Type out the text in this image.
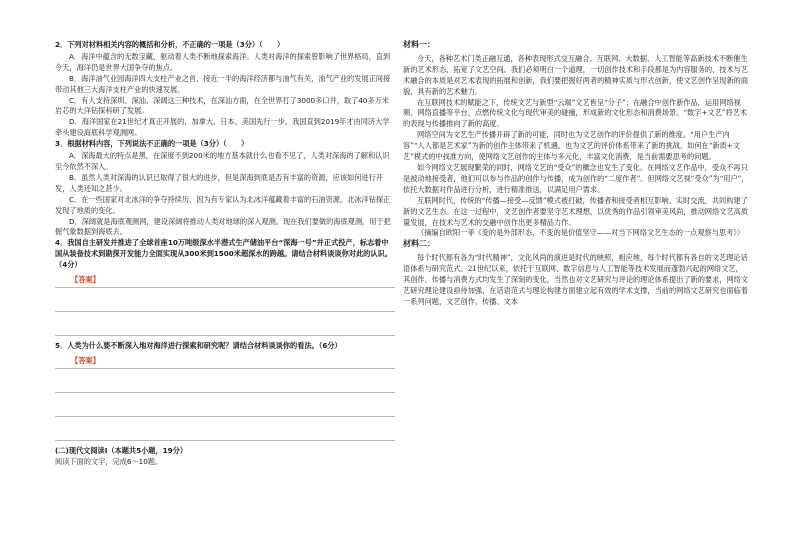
2．下列对材料相关内容的概括和分析，不正确的一项是（3分）（　　）

A．海洋中蕴含的无数宝藏，驱动着人类不断地探索海洋。人类对海洋的探索曾影响了世界格局，直到今天，海洋仍是世界大国争夺的焦点。

B．海洋油气业园海洋四大支柱产业之首，接近一半的海洋经济都与油气有关，油气产业的发展正间接带动其他三大海洋支柱产业的快速发展。

C．有人支持深圳、深汕、深阔这三种技术，在深汕方面，在全世界打了3000多口井，取了40多万米岩芯的大洋钻探科研了发展。

D．海洋国家在21世纪才真正开展的，加拿大、日本、美国先行一步，我国直到2019年才由同济大学牵头建设海底科学观测网。

3．根据材料内容，下列说法不正确的一项是（3分）（　　）

A．深海最大的特点是黑，在深度不到200米的地方基本就什么也看不见了，人类对深海的了解和认识至今依然不深入。

B．虽然人类对深海的认识已取得了很大的进步，但是深海到底是否有丰富的资源，应该如何进行开发，人类还知之甚少。

C．在一些国家对北冰洋的争夺持续历，因为有专家认为北冰洋蕴藏着丰富的石油资源。北冰洋钻探正发现了地质的变化。

D．深阔就是海底观测网，建设深阔将推动人类对地球的深入观测。现在我们要做的海底观测，用于把握气象数据到海底去。

4．我国自主研发并推进了全球首座10万吨级深水半潜式生产储油平台“深海一号”并正式投产，标志着中国从装备技术到勘探开发能力全面实现从300米到1500米超深水的跨越。请结合材料谈谈你对此的认识。（4分）

【答案】

5．人类为什么要不断深入地对海洋进行探索和研究呢？请结合材料谈谈你的看法。（6分）

【答案】

(二)现代文阅读Ⅰ（本题共5小题，19分）

阅读下面的文字，完成6～10题。

材料一：

今天，各种艺术门类正融互通，各种表现形式交互融合。互联网、大数据、人工智能等高新技术不断催生新的艺术形态，拓宽了文艺空间。我们必须明白一个道理，一切创作技术和手段都是为内容服务的，技术与艺术融合的本质是对艺术表现的拓展和创新，我们要把握好两者的精神实质与形式创新，使文艺创作呈现新的面貌、具有新的艺术魅力。

在互联网技术的赋能之下，传统文艺与新型“云端”文艺皆呈“分子”；在融合中创作新作品，运用网络视频、网络直播等平台，点燃传统文化与现代审美的碰撞，形成新的文化形态和消费场景。“数字+文艺”将艺术的表现与传播推向了新的高度。

网络空间为文艺生产传播开辟了新的可能，同时也为文艺创作的评价提供了新的维度。“用户生产内容”“人人都是艺术家”为新的创作主体带来了机遇，也为文艺的评价体系带来了新的挑战。如何在“新质+文艺”模式的中找准方向，使网络文艺创作的主体与多元化，丰富文化消费，是当前需要思考的问题。

如今网络文艺展现繁荣的同时，网络文艺的“受众”的概念也发生了变化。在网络文艺作品中，受众不再只是被动地接受者，他们可以参与作品的创作与传播，成为创作的“二度作者”。但网络文艺视“受众”为“用户”，依托大数据对作品进行分析，进行精准推送，以满足用户需求。

互联网时代，传统的“传播—接受—反馈”模式被打破，传播者和接受者相互影响、实时交流，共同构建了新的文艺生态。在这一过程中，文艺创作者要坚守艺术理想，以优秀的作品引领审美风尚，推动网络文艺高质量发展，在技术与艺术的交融中创作出更多精品力作。

（摘编自欧阳一菲《变的是外部形态，不变的是价值坚守——对当下网络文艺生态的一点观察与思考》）

材料二：

每个时代都有各为“时代精神”，文化风尚的演进是时代的映照，相应地，每个时代都有各自的文艺理论话语体系与研究范式。21世纪以来，依托于互联网、数字信息与人工智能等技术发展而蓬勃兴起的网络文艺，其创作、传播与消费方式均发生了深刻的变化，当然也对文艺研究与评论的理论体系提出了新的要求，网络文艺研究理论建设亟待加强，在话语范式与理论构建方面建立起有效的学术支撑，当前的网络文艺研究也面临着一系列问题，文艺创作、传播、文本
